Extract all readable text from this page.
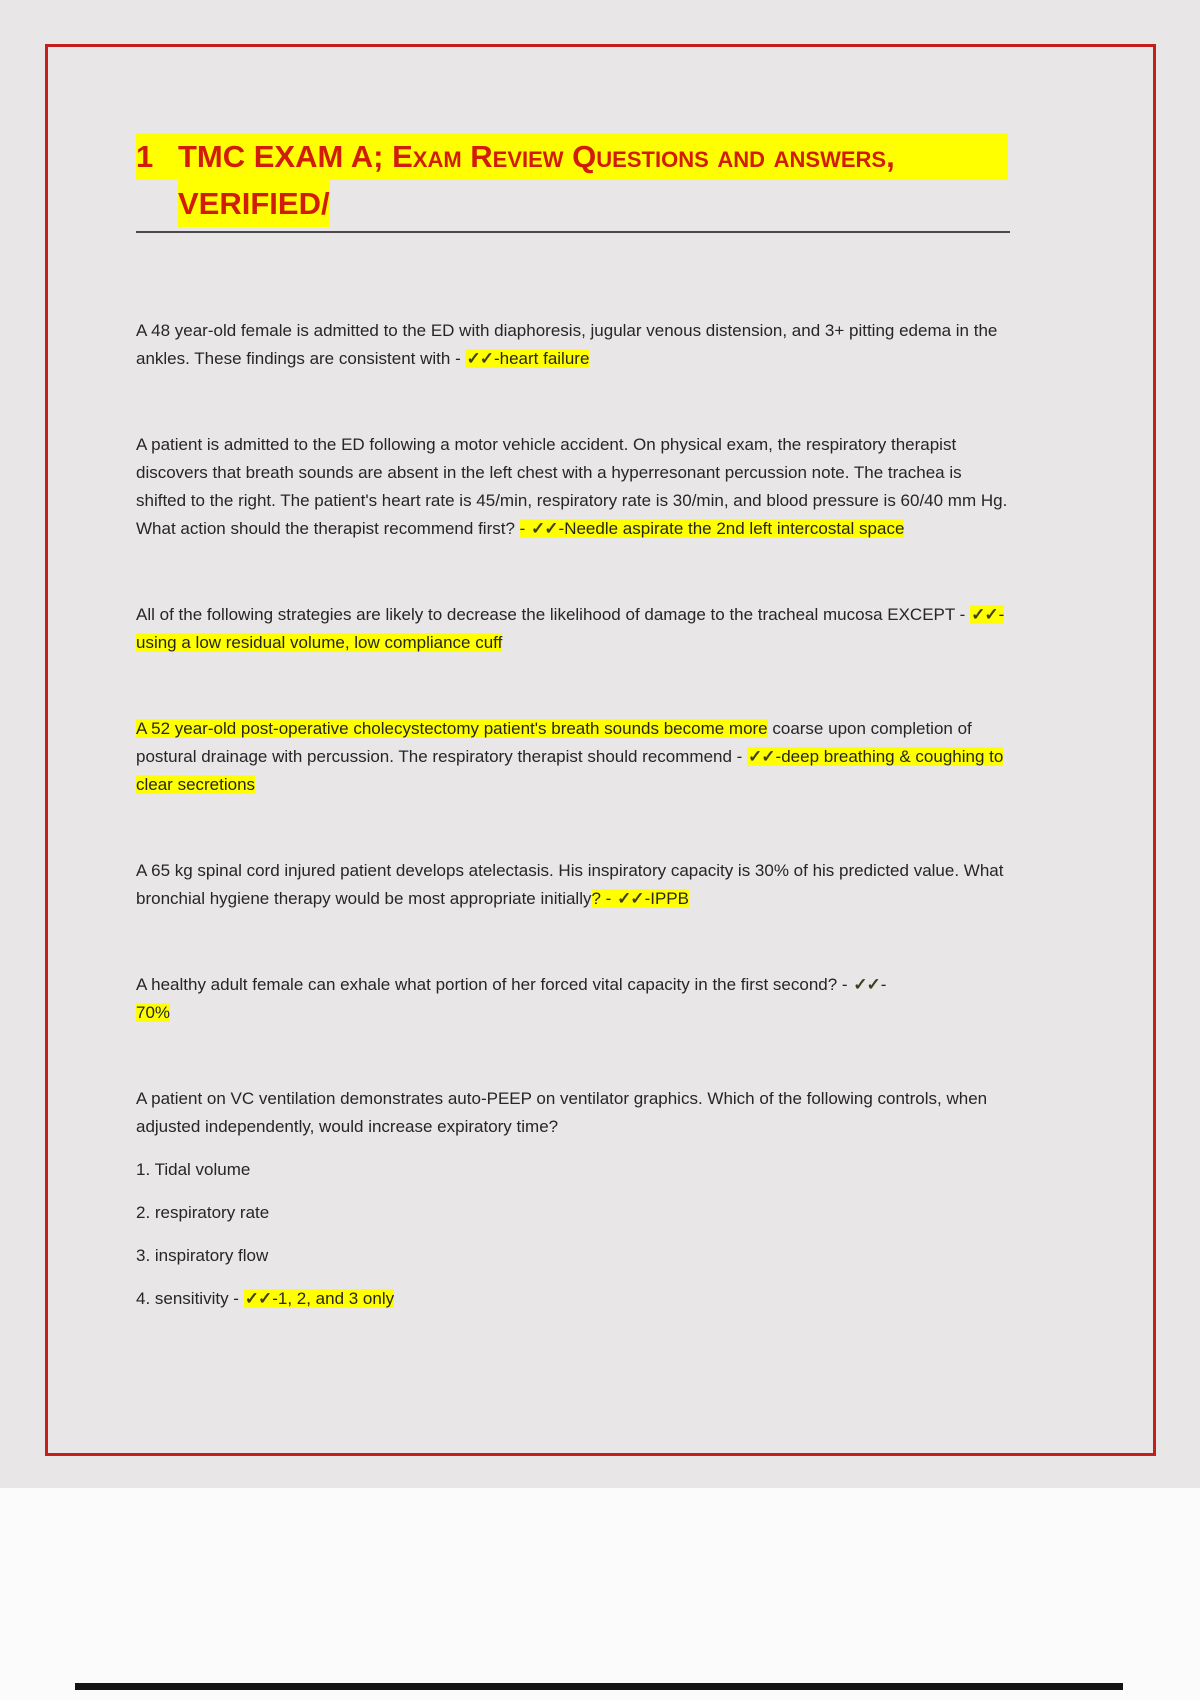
1 TMC EXAM A; Exam Review Questions and answers,
VERIFIED/

A 48 year-old female is admitted to the ED with diaphoresis, jugular venous distension, and 3+ pitting edema in the ankles. These findings are consistent with - ✓✓-heart failure

A patient is admitted to the ED following a motor vehicle accident. On physical exam, the respiratory therapist discovers that breath sounds are absent in the left chest with a hyperresonant percussion note. The trachea is shifted to the right. The patient's heart rate is 45/min, respiratory rate is 30/min, and blood pressure is 60/40 mm Hg. What action should the therapist recommend first? - ✓✓-Needle aspirate the 2nd left intercostal space

All of the following strategies are likely to decrease the likelihood of damage to the tracheal mucosa EXCEPT - ✓✓-using a low residual volume, low compliance cuff

A 52 year-old post-operative cholecystectomy patient's breath sounds become more coarse upon completion of postural drainage with percussion. The respiratory therapist should recommend - ✓✓-deep breathing & coughing to clear secretions

A 65 kg spinal cord injured patient develops atelectasis. His inspiratory capacity is 30% of his predicted value. What bronchial hygiene therapy would be most appropriate initially? - ✓✓-IPPB

A healthy adult female can exhale what portion of her forced vital capacity in the first second? - ✓✓-
70%

A patient on VC ventilation demonstrates auto-PEEP on ventilator graphics. Which of the following controls, when adjusted independently, would increase expiratory time?

1. Tidal volume

2. respiratory rate

3. inspiratory flow

4. sensitivity - ✓✓-1, 2, and 3 only
